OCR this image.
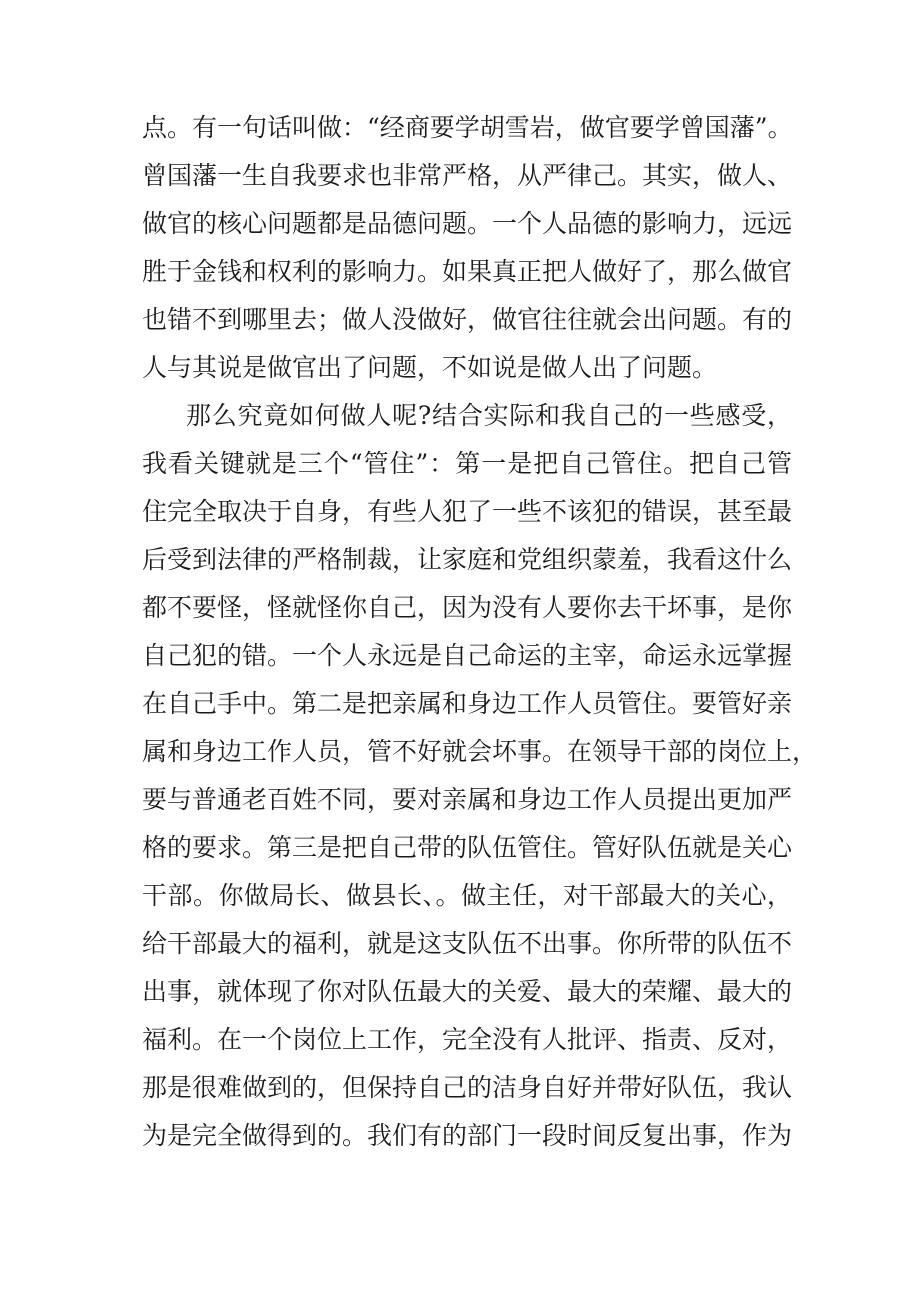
点。有一句话叫做：“经商要学胡雪岩，做官要学曾国藩”。
曾国藩一生自我要求也非常严格，从严律己。其实，做人、
做官的核心问题都是品德问题。一个人品德的影响力，远远
胜于金钱和权利的影响力。如果真正把人做好了，那么做官
也错不到哪里去；做人没做好，做官往往就会出问题。有的
人与其说是做官出了问题，不如说是做人出了问题。
那么究竟如何做人呢?结合实际和我自己的一些感受，
我看关键就是三个“管住”：第一是把自己管住。把自己管
住完全取决于自身，有些人犯了一些不该犯的错误，甚至最
后受到法律的严格制裁，让家庭和党组织蒙羞，我看这什么
都不要怪，怪就怪你自己，因为没有人要你去干坏事，是你
自己犯的错。一个人永远是自己命运的主宰，命运永远掌握
在自己手中。第二是把亲属和身边工作人员管住。要管好亲
属和身边工作人员，管不好就会坏事。在领导干部的岗位上，
要与普通老百姓不同，要对亲属和身边工作人员提出更加严
格的要求。第三是把自己带的队伍管住。管好队伍就是关心
干部。你做局长、做县长、。做主任，对干部最大的关心，
给干部最大的福利，就是这支队伍不出事。你所带的队伍不
出事，就体现了你对队伍最大的关爱、最大的荣耀、最大的
福利。在一个岗位上工作，完全没有人批评、指责、反对，
那是很难做到的，但保持自己的洁身自好并带好队伍，我认
为是完全做得到的。我们有的部门一段时间反复出事，作为
